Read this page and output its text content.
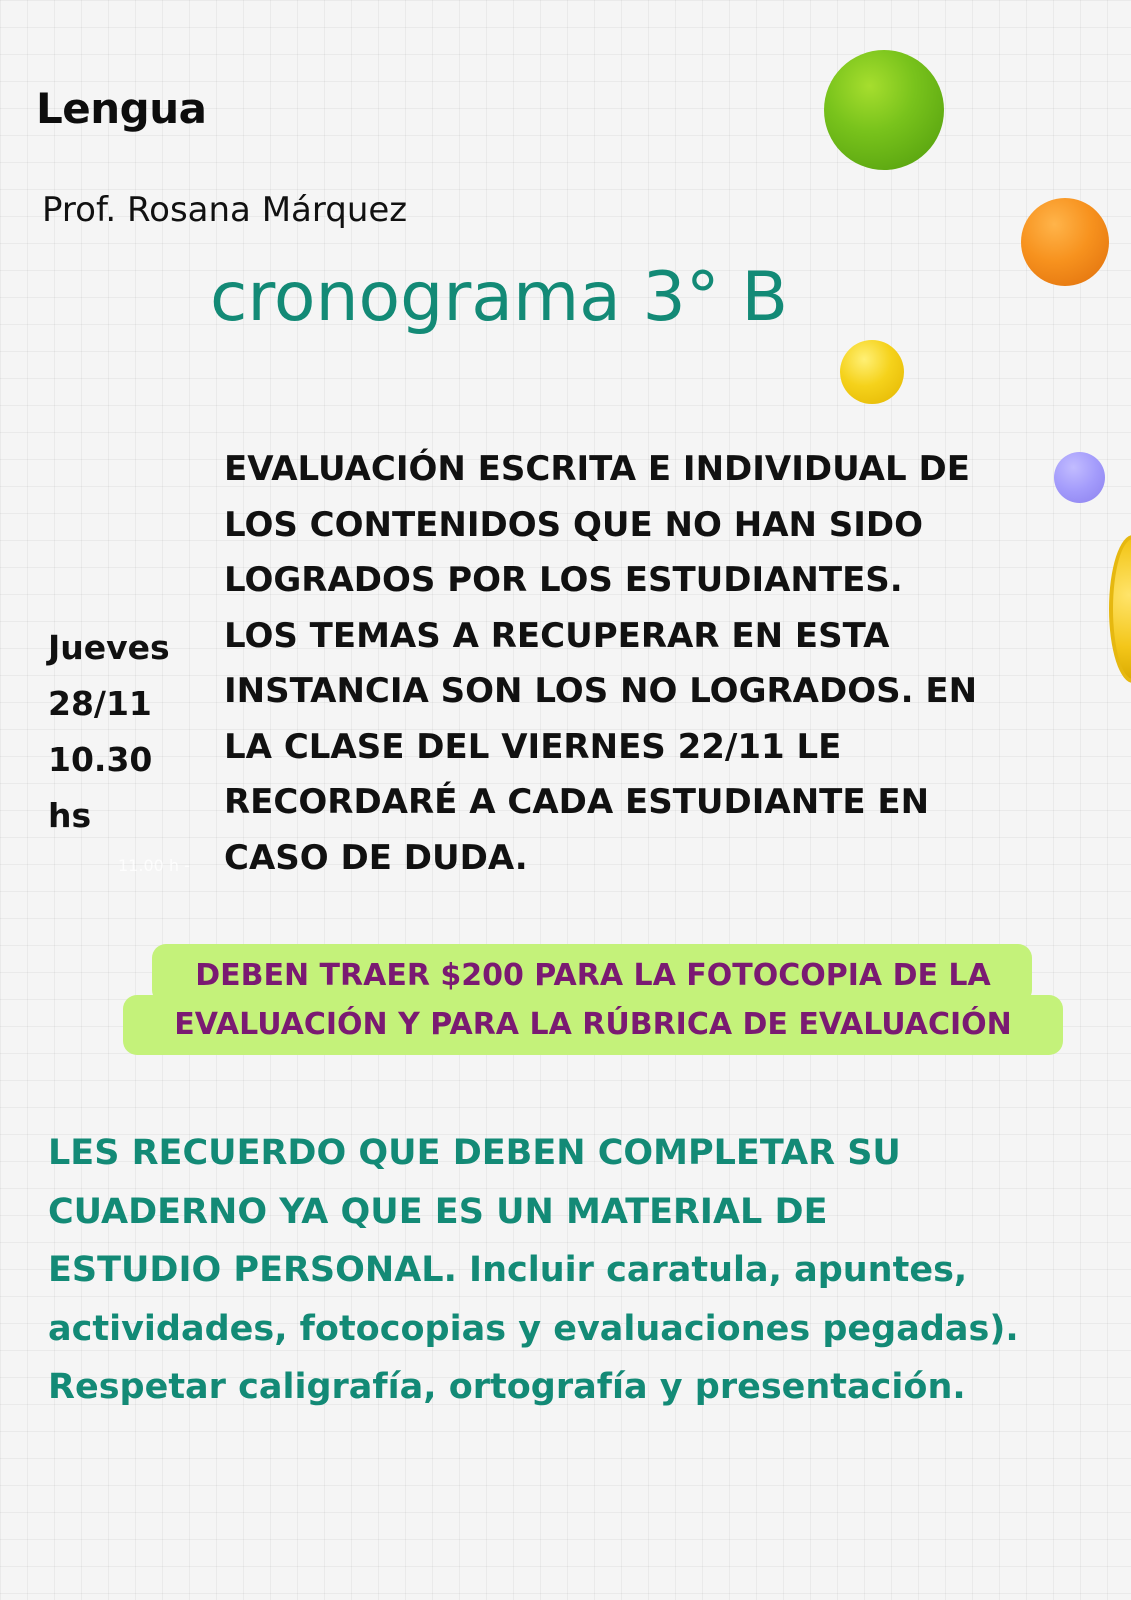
Lengua
Prof. Rosana Márquez
cronograma 3° B
Jueves
28/11
10.30
hs
11.00 h -
EVALUACIÓN ESCRITA E INDIVIDUAL DE
LOS CONTENIDOS QUE NO HAN SIDO
LOGRADOS POR LOS ESTUDIANTES.
LOS TEMAS A RECUPERAR EN ESTA
INSTANCIA SON LOS NO LOGRADOS. EN
LA CLASE DEL VIERNES 22/11 LE
RECORDARÉ A CADA ESTUDIANTE EN
CASO DE DUDA.
DEBEN TRAER $200 PARA LA FOTOCOPIA DE LA
EVALUACIÓN Y PARA LA RÚBRICA DE EVALUACIÓN
LES RECUERDO QUE DEBEN COMPLETAR SU
CUADERNO YA QUE ES UN MATERIAL DE
ESTUDIO PERSONAL. Incluir caratula, apuntes,
actividades, fotocopias y evaluaciones pegadas).
Respetar caligrafía, ortografía y presentación.
